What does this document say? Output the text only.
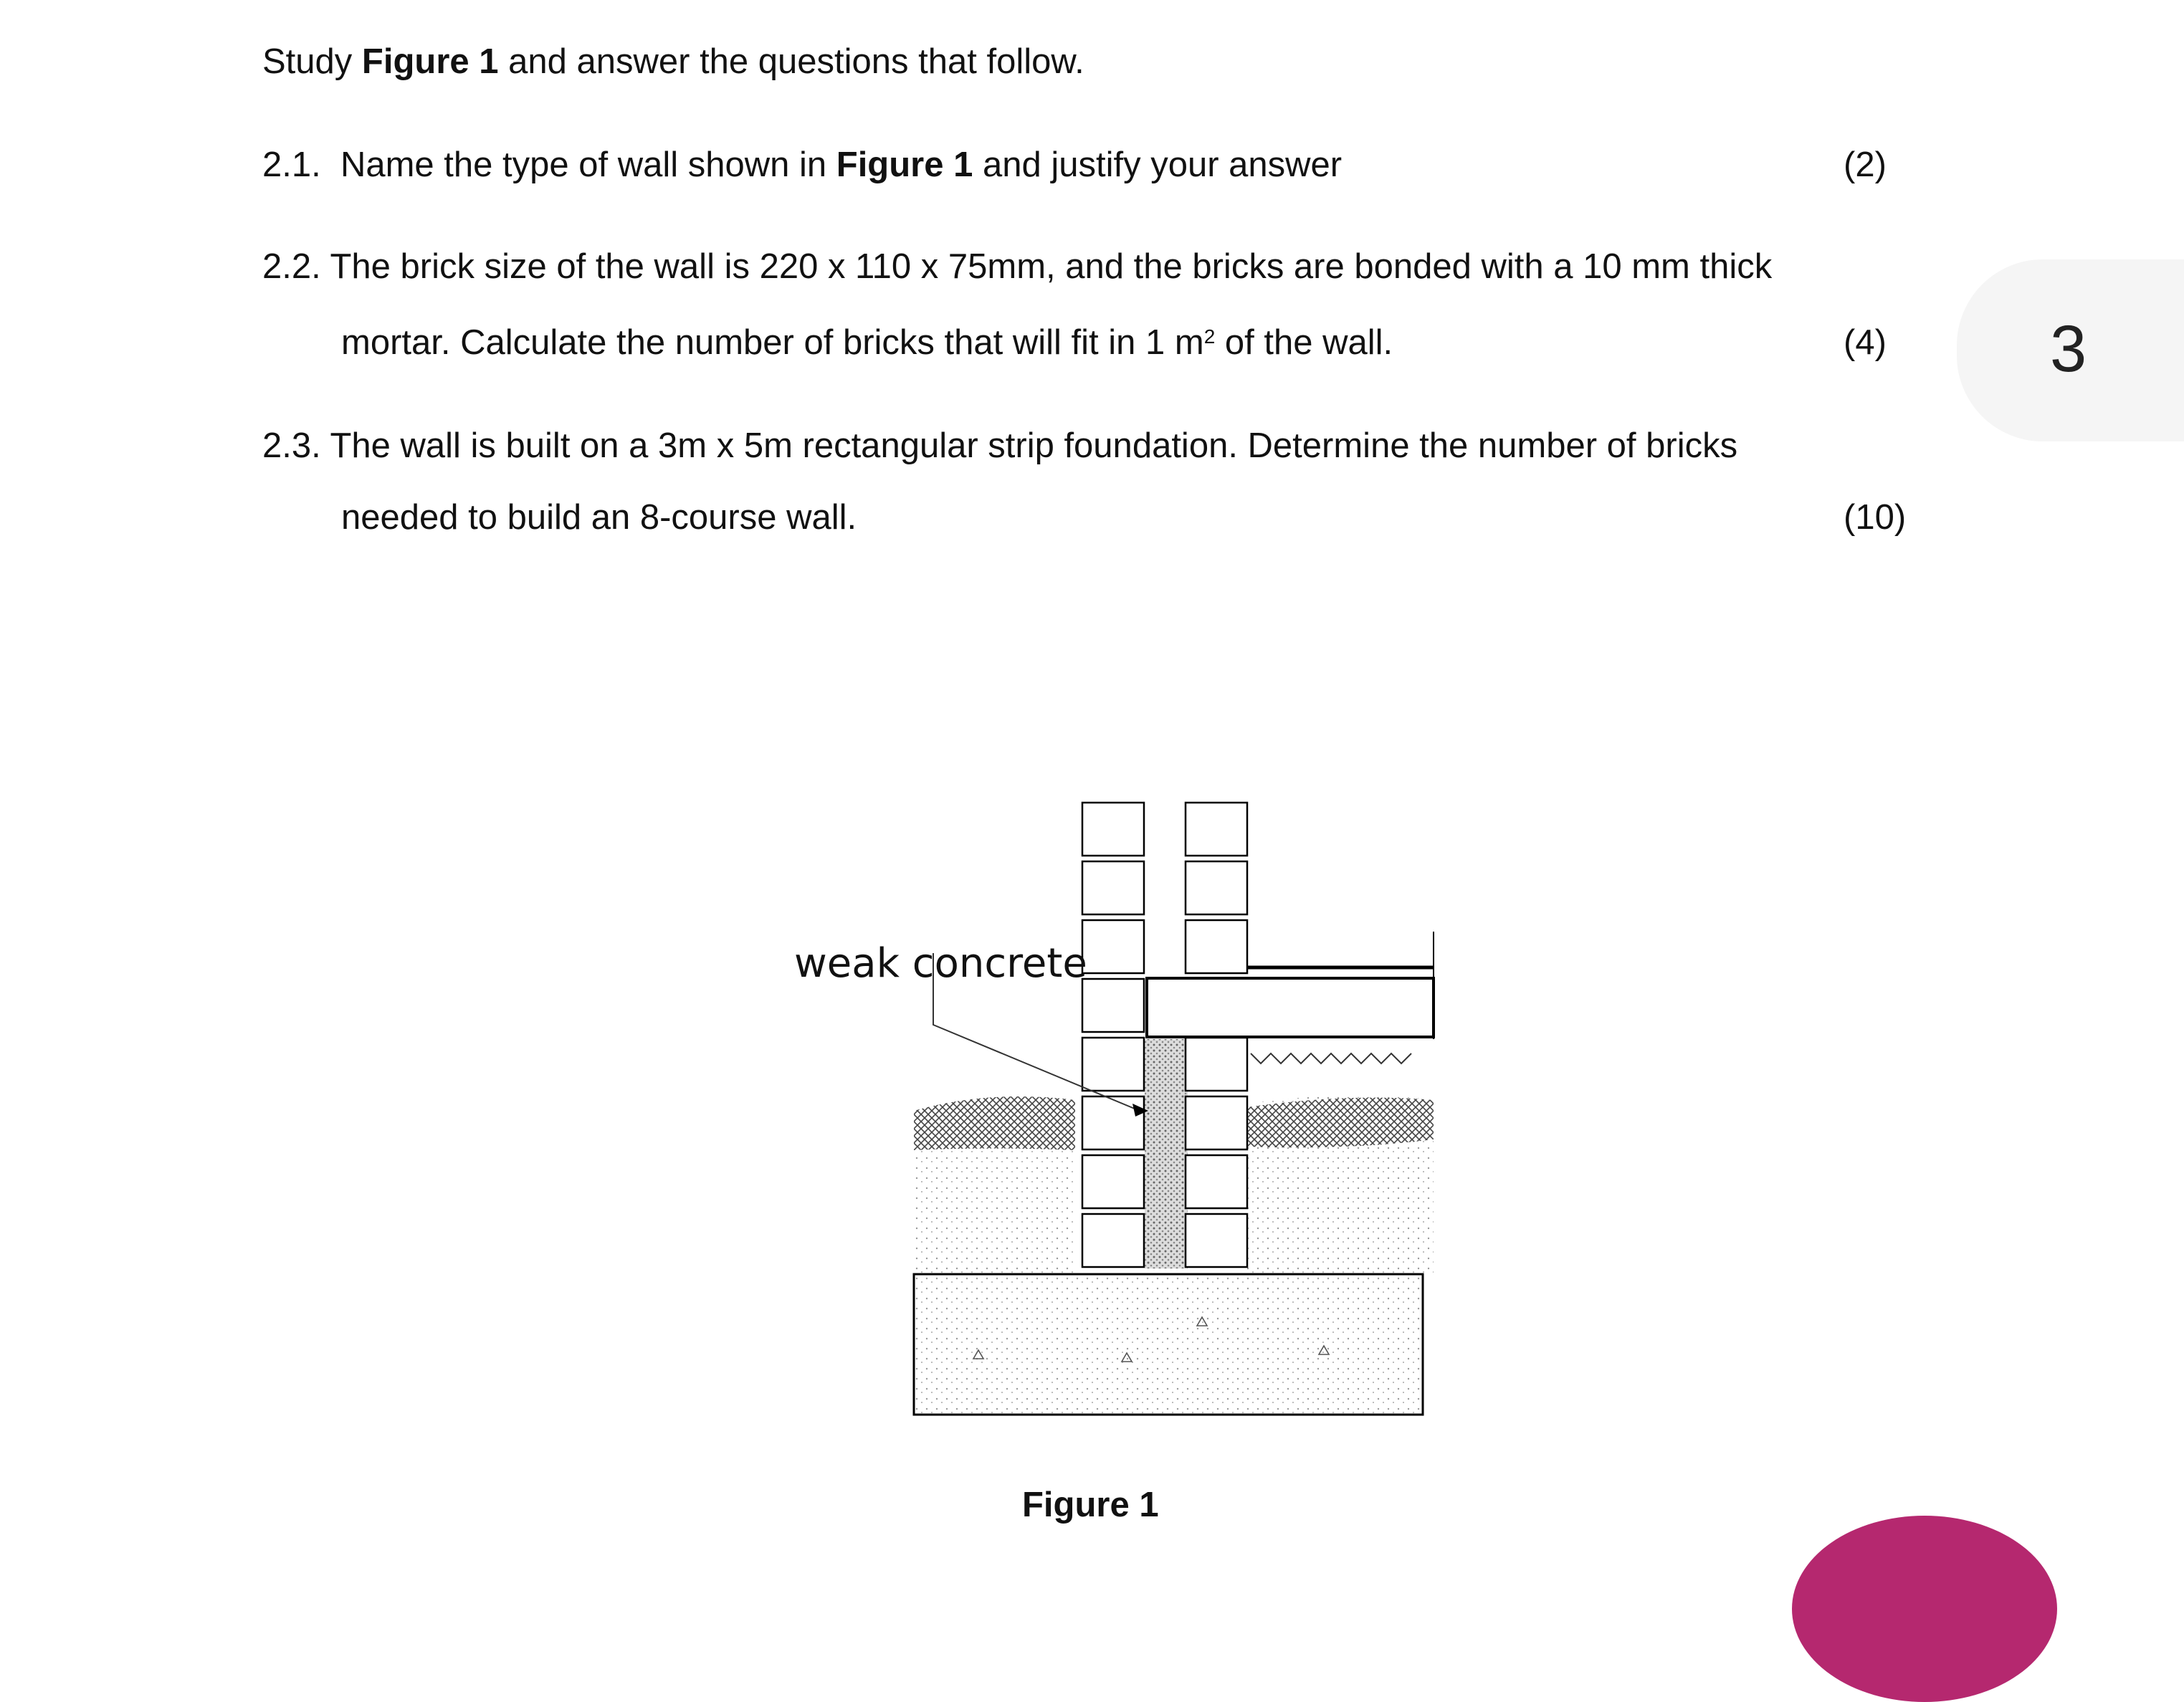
Study Figure 1 and answer the questions that follow.
2.1. Name the type of wall shown in Figure 1 and justify your answer	(2)
2.2. The brick size of the wall is 220 x 110 x 75mm, and the bricks are bonded with a 10 mm thick
mortar. Calculate the number of bricks that will fit in 1 $m^2$ of the wall.	(4)
2.3. The wall is built on a 3m x 5m rectangular strip foundation. Determine the number of bricks
needed to build an 8-course wall.	(10)
3
weak concrete
Figure 1
